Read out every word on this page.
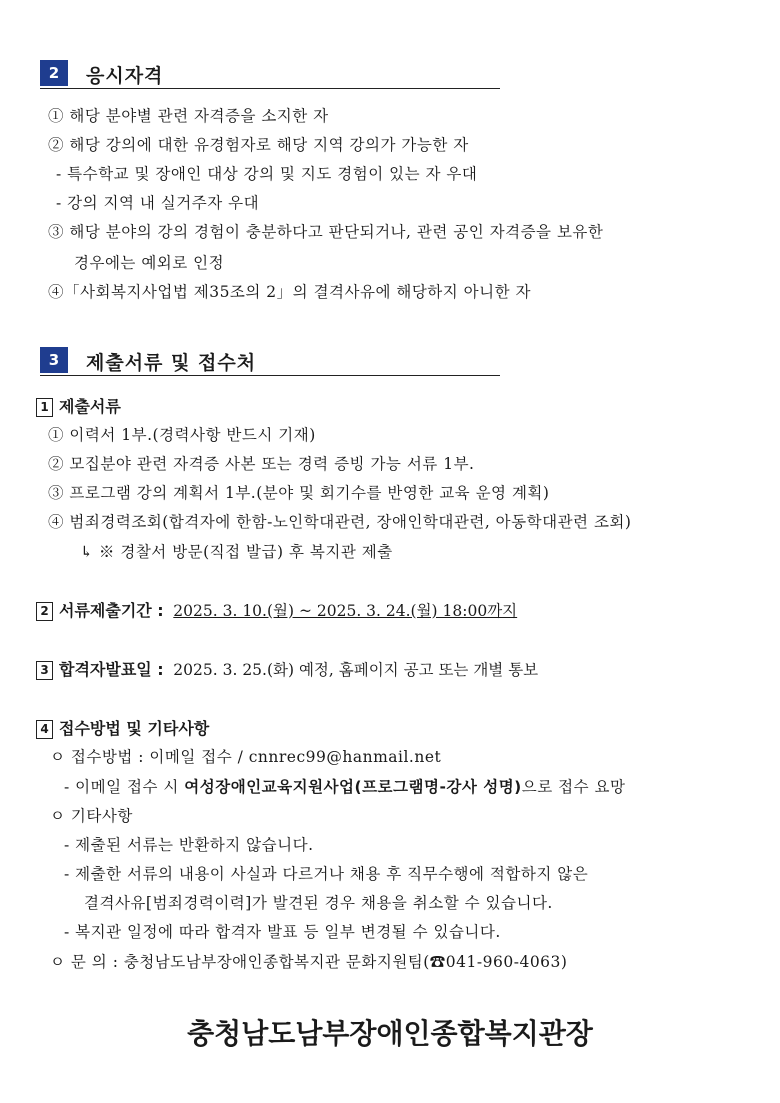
2	응시자격
① 해당 분야별 관련 자격증을 소지한 자
② 해당 강의에 대한 유경험자로 해당 지역 강의가 가능한 자
- 특수학교 및 장애인 대상 강의 및 지도 경험이 있는 자 우대
- 강의 지역 내 실거주자 우대
③ 해당 분야의 강의 경험이 충분하다고 판단되거나, 관련 공인 자격증을 보유한
경우에는 예외로 인정
④「사회복지사업법 제35조의 2」의 결격사유에 해당하지 아니한 자
3	제출서류 및 접수처
1 제출서류
① 이력서 1부.(경력사항 반드시 기재)
② 모집분야 관련 자격증 사본 또는 경력 증빙 가능 서류 1부.
③ 프로그램 강의 계획서 1부.(분야 및 회기수를 반영한 교육 운영 계획)
④ 범죄경력조회(합격자에 한함-노인학대관련, 장애인학대관련, 아동학대관련 조회)
↳ ※ 경찰서 방문(직접 발급) 후 복지관 제출
2 서류제출기간 : 2025. 3. 10.(월) ~ 2025. 3. 24.(월) 18:00까지
3 합격자발표일 : 2025. 3. 25.(화) 예정, 홈페이지 공고 또는 개별 통보
4 접수방법 및 기타사항
ㅇ 접수방법 : 이메일 접수 / cnnrec99@hanmail.net
- 이메일 접수 시 여성장애인교육지원사업(프로그램명-강사 성명)으로 접수 요망
ㅇ 기타사항
- 제출된 서류는 반환하지 않습니다.
- 제출한 서류의 내용이 사실과 다르거나 채용 후 직무수행에 적합하지 않은
결격사유[범죄경력이력]가 발견된 경우 채용을 취소할 수 있습니다.
- 복지관 일정에 따라 합격자 발표 등 일부 변경될 수 있습니다.
ㅇ 문 의 : 충청남도남부장애인종합복지관 문화지원팀(☎041-960-4063)
충청남도남부장애인종합복지관장
